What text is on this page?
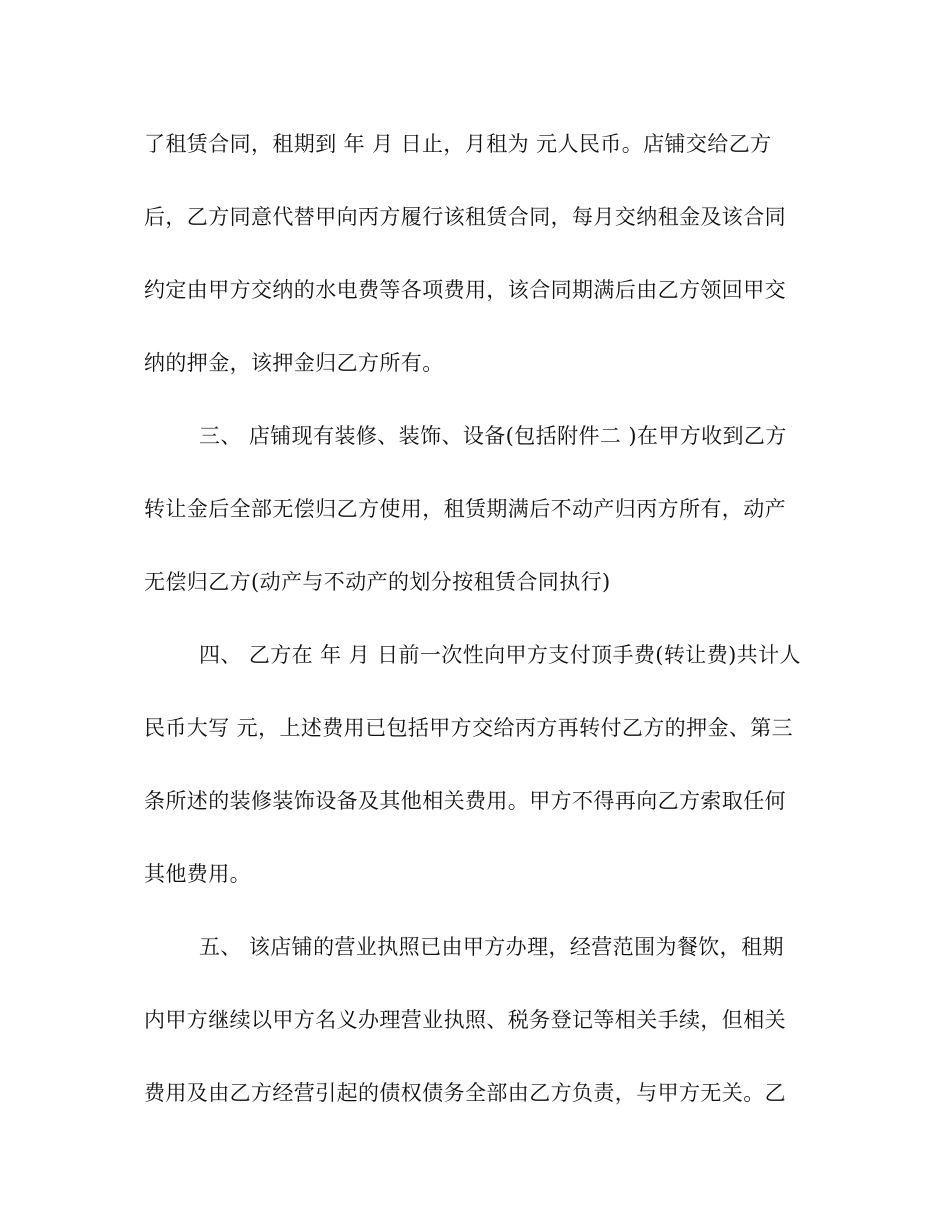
了租赁合同，租期到 年 月 日止，月租为 元人民币。店铺交给乙方
后，乙方同意代替甲向丙方履行该租赁合同，每月交纳租金及该合同
约定由甲方交纳的水电费等各项费用，该合同期满后由乙方领回甲交
纳的押金，该押金归乙方所有。
三、 店铺现有装修、装饰、设备(包括附件二 )在甲方收到乙方
转让金后全部无偿归乙方使用，租赁期满后不动产归丙方所有，动产
无偿归乙方(动产与不动产的划分按租赁合同执行)
四、 乙方在 年 月 日前一次性向甲方支付顶手费(转让费)共计人
民币大写 元，上述费用已包括甲方交给丙方再转付乙方的押金、第三
条所述的装修装饰设备及其他相关费用。甲方不得再向乙方索取任何
其他费用。
五、 该店铺的营业执照已由甲方办理，经营范围为餐饮，租期
内甲方继续以甲方名义办理营业执照、税务登记等相关手续，但相关
费用及由乙方经营引起的债权债务全部由乙方负责，与甲方无关。乙
